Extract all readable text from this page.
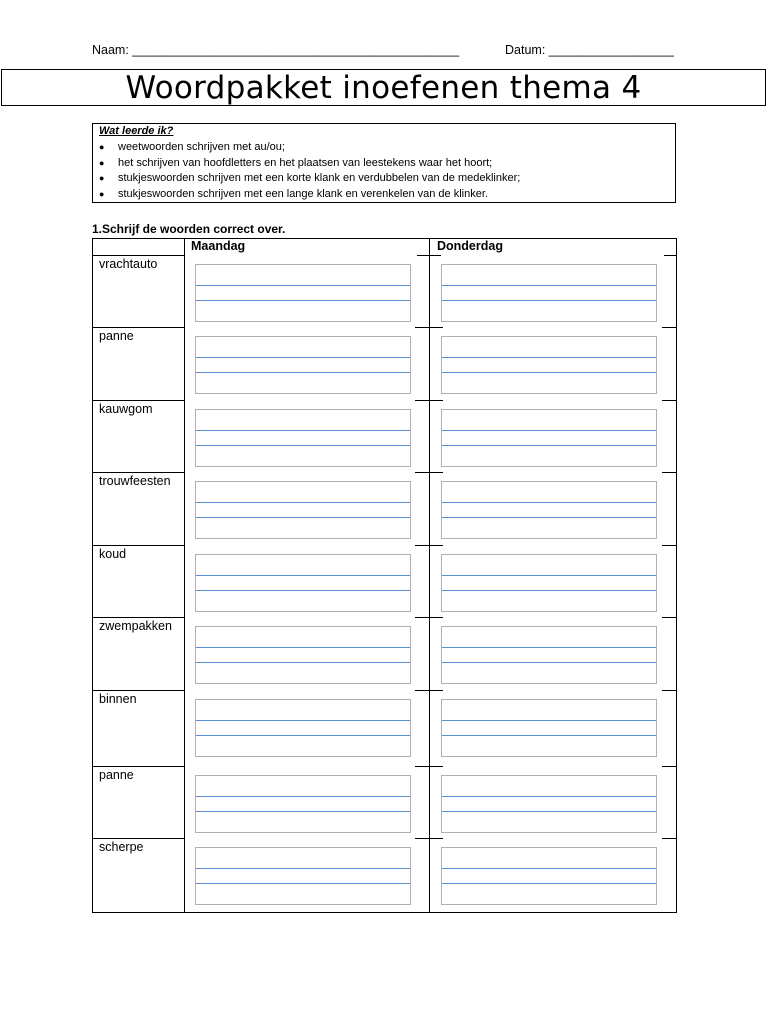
Naam: _______________________________________________	Datum: __________________
Woordpakket inoefenen thema 4
Wat leerde ik?
● weetwoorden schrijven met au/ou;
● het schrijven van hoofdletters en het plaatsen van leestekens waar het hoort;
● stukjeswoorden schrijven met een korte klank en verdubbelen van de medeklinker;
● stukjeswoorden schrijven met een lange klank en verenkelen van de klinker.
1.Schrijf de woorden correct over.
Maandag	Donderdag
vrachtauto
panne
kauwgom
trouwfeesten
koud
zwempakken
binnen
panne
scherpe
